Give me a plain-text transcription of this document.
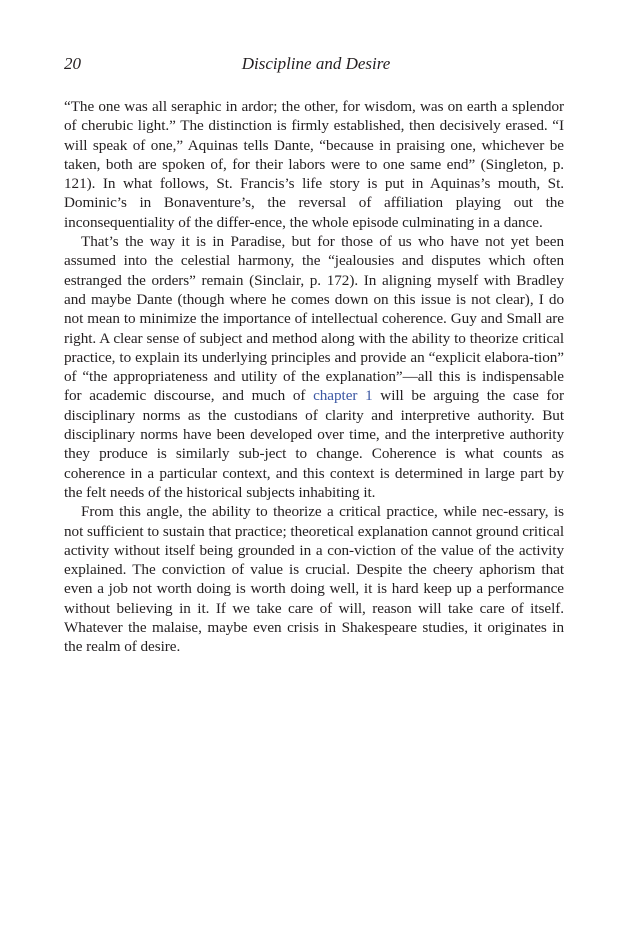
20	Discipline and Desire

“The one was all seraphic in ardor; the other, for wisdom, was on earth a splendor of cherubic light.” The distinction is firmly established, then decisively erased. “I will speak of one,” Aquinas tells Dante, “because in praising one, whichever be taken, both are spoken of, for their labors were to one same end” (Singleton, p. 121). In what follows, St. Francis’s life story is put in Aquinas’s mouth, St. Dominic’s in Bonaventure’s, the reversal of affiliation playing out the inconsequentiality of the differ-ence, the whole episode culminating in a dance.

That’s the way it is in Paradise, but for those of us who have not yet been assumed into the celestial harmony, the “jealousies and disputes which often estranged the orders” remain (Sinclair, p. 172). In aligning myself with Bradley and maybe Dante (though where he comes down on this issue is not clear), I do not mean to minimize the importance of intellectual coherence. Guy and Small are right. A clear sense of subject and method along with the ability to theorize critical practice, to explain its underlying principles and provide an “explicit elabora-tion” of “the appropriateness and utility of the explanation”—all this is indispensable for academic discourse, and much of chapter 1 will be arguing the case for disciplinary norms as the custodians of clarity and interpretive authority. But disciplinary norms have been developed over time, and the interpretive authority they produce is similarly sub-ject to change. Coherence is what counts as coherence in a particular context, and this context is determined in large part by the felt needs of the historical subjects inhabiting it.

From this angle, the ability to theorize a critical practice, while nec-essary, is not sufficient to sustain that practice; theoretical explanation cannot ground critical activity without itself being grounded in a con-viction of the value of the activity explained. The conviction of value is crucial. Despite the cheery aphorism that even a job not worth doing is worth doing well, it is hard keep up a performance without believing in it. If we take care of will, reason will take care of itself. Whatever the malaise, maybe even crisis in Shakespeare studies, it originates in the realm of desire.
